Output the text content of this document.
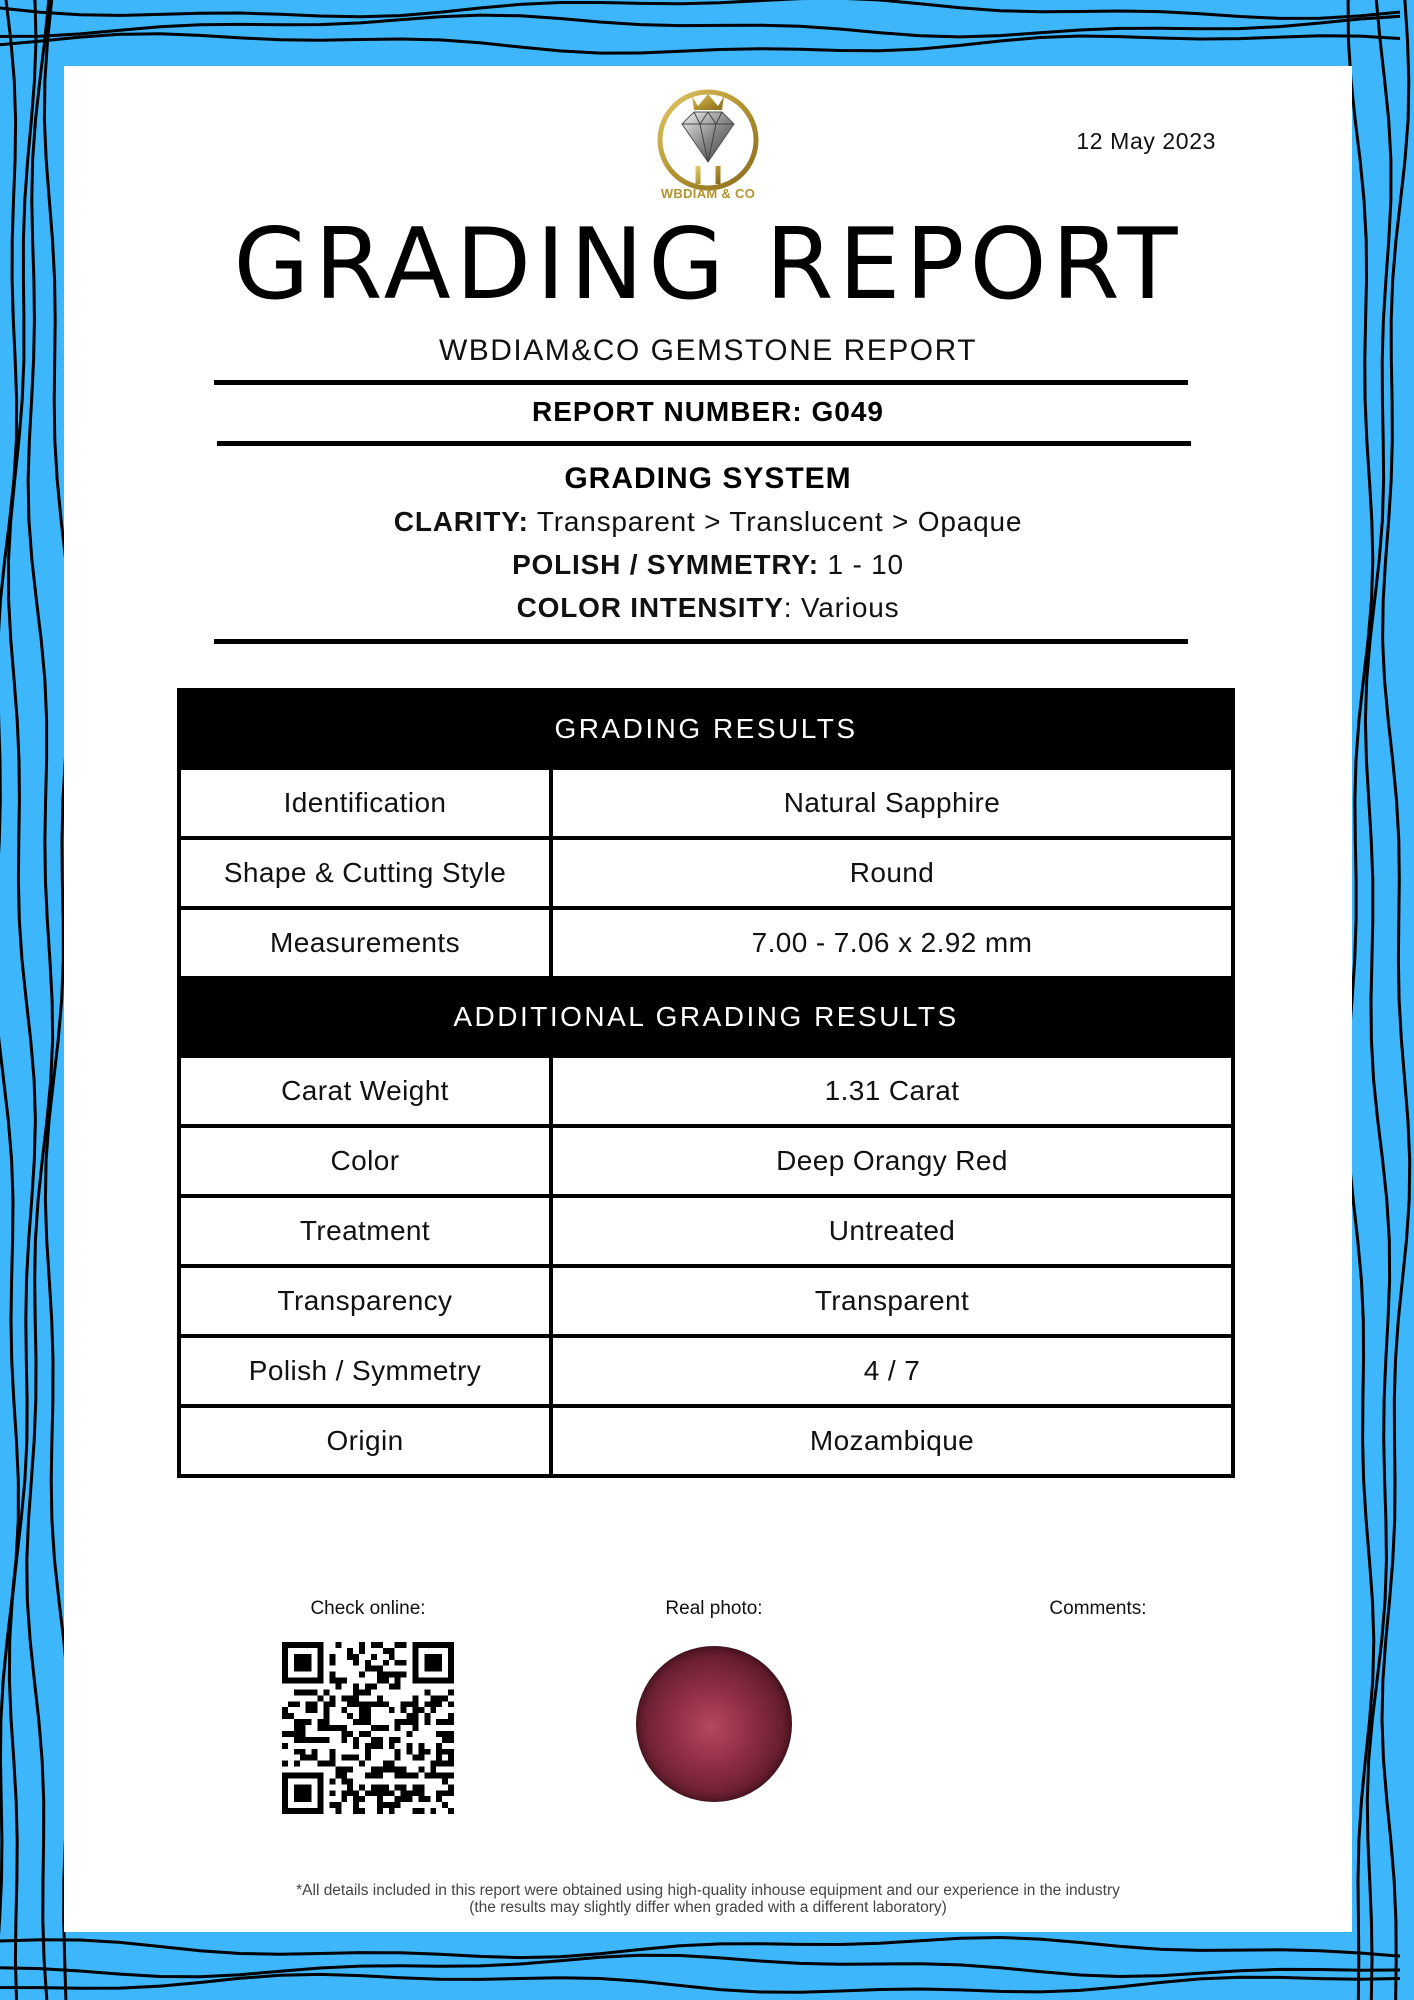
WBDIAM & CO
12 May 2023
GRADING REPORT
WBDIAM&CO GEMSTONE REPORT
REPORT NUMBER: G049
GRADING SYSTEM
CLARITY: Transparent > Translucent > Opaque
POLISH / SYMMETRY: 1 - 10
COLOR INTENSITY: Various
GRADING RESULTS	
Identification	Natural Sapphire
Shape & Cutting Style	Round
Measurements	7.00 - 7.06 x 2.92 mm
ADDITIONAL GRADING RESULTS	
Carat Weight	1.31 Carat
Color	Deep Orangy Red
Treatment	Untreated
Transparency	Transparent
Polish / Symmetry	4 / 7
Origin	Mozambique
Check online:	Real photo:	Comments:
*All details included in this report were obtained using high-quality inhouse equipment and our experience in the industry
(the results may slightly differ when graded with a different laboratory)
